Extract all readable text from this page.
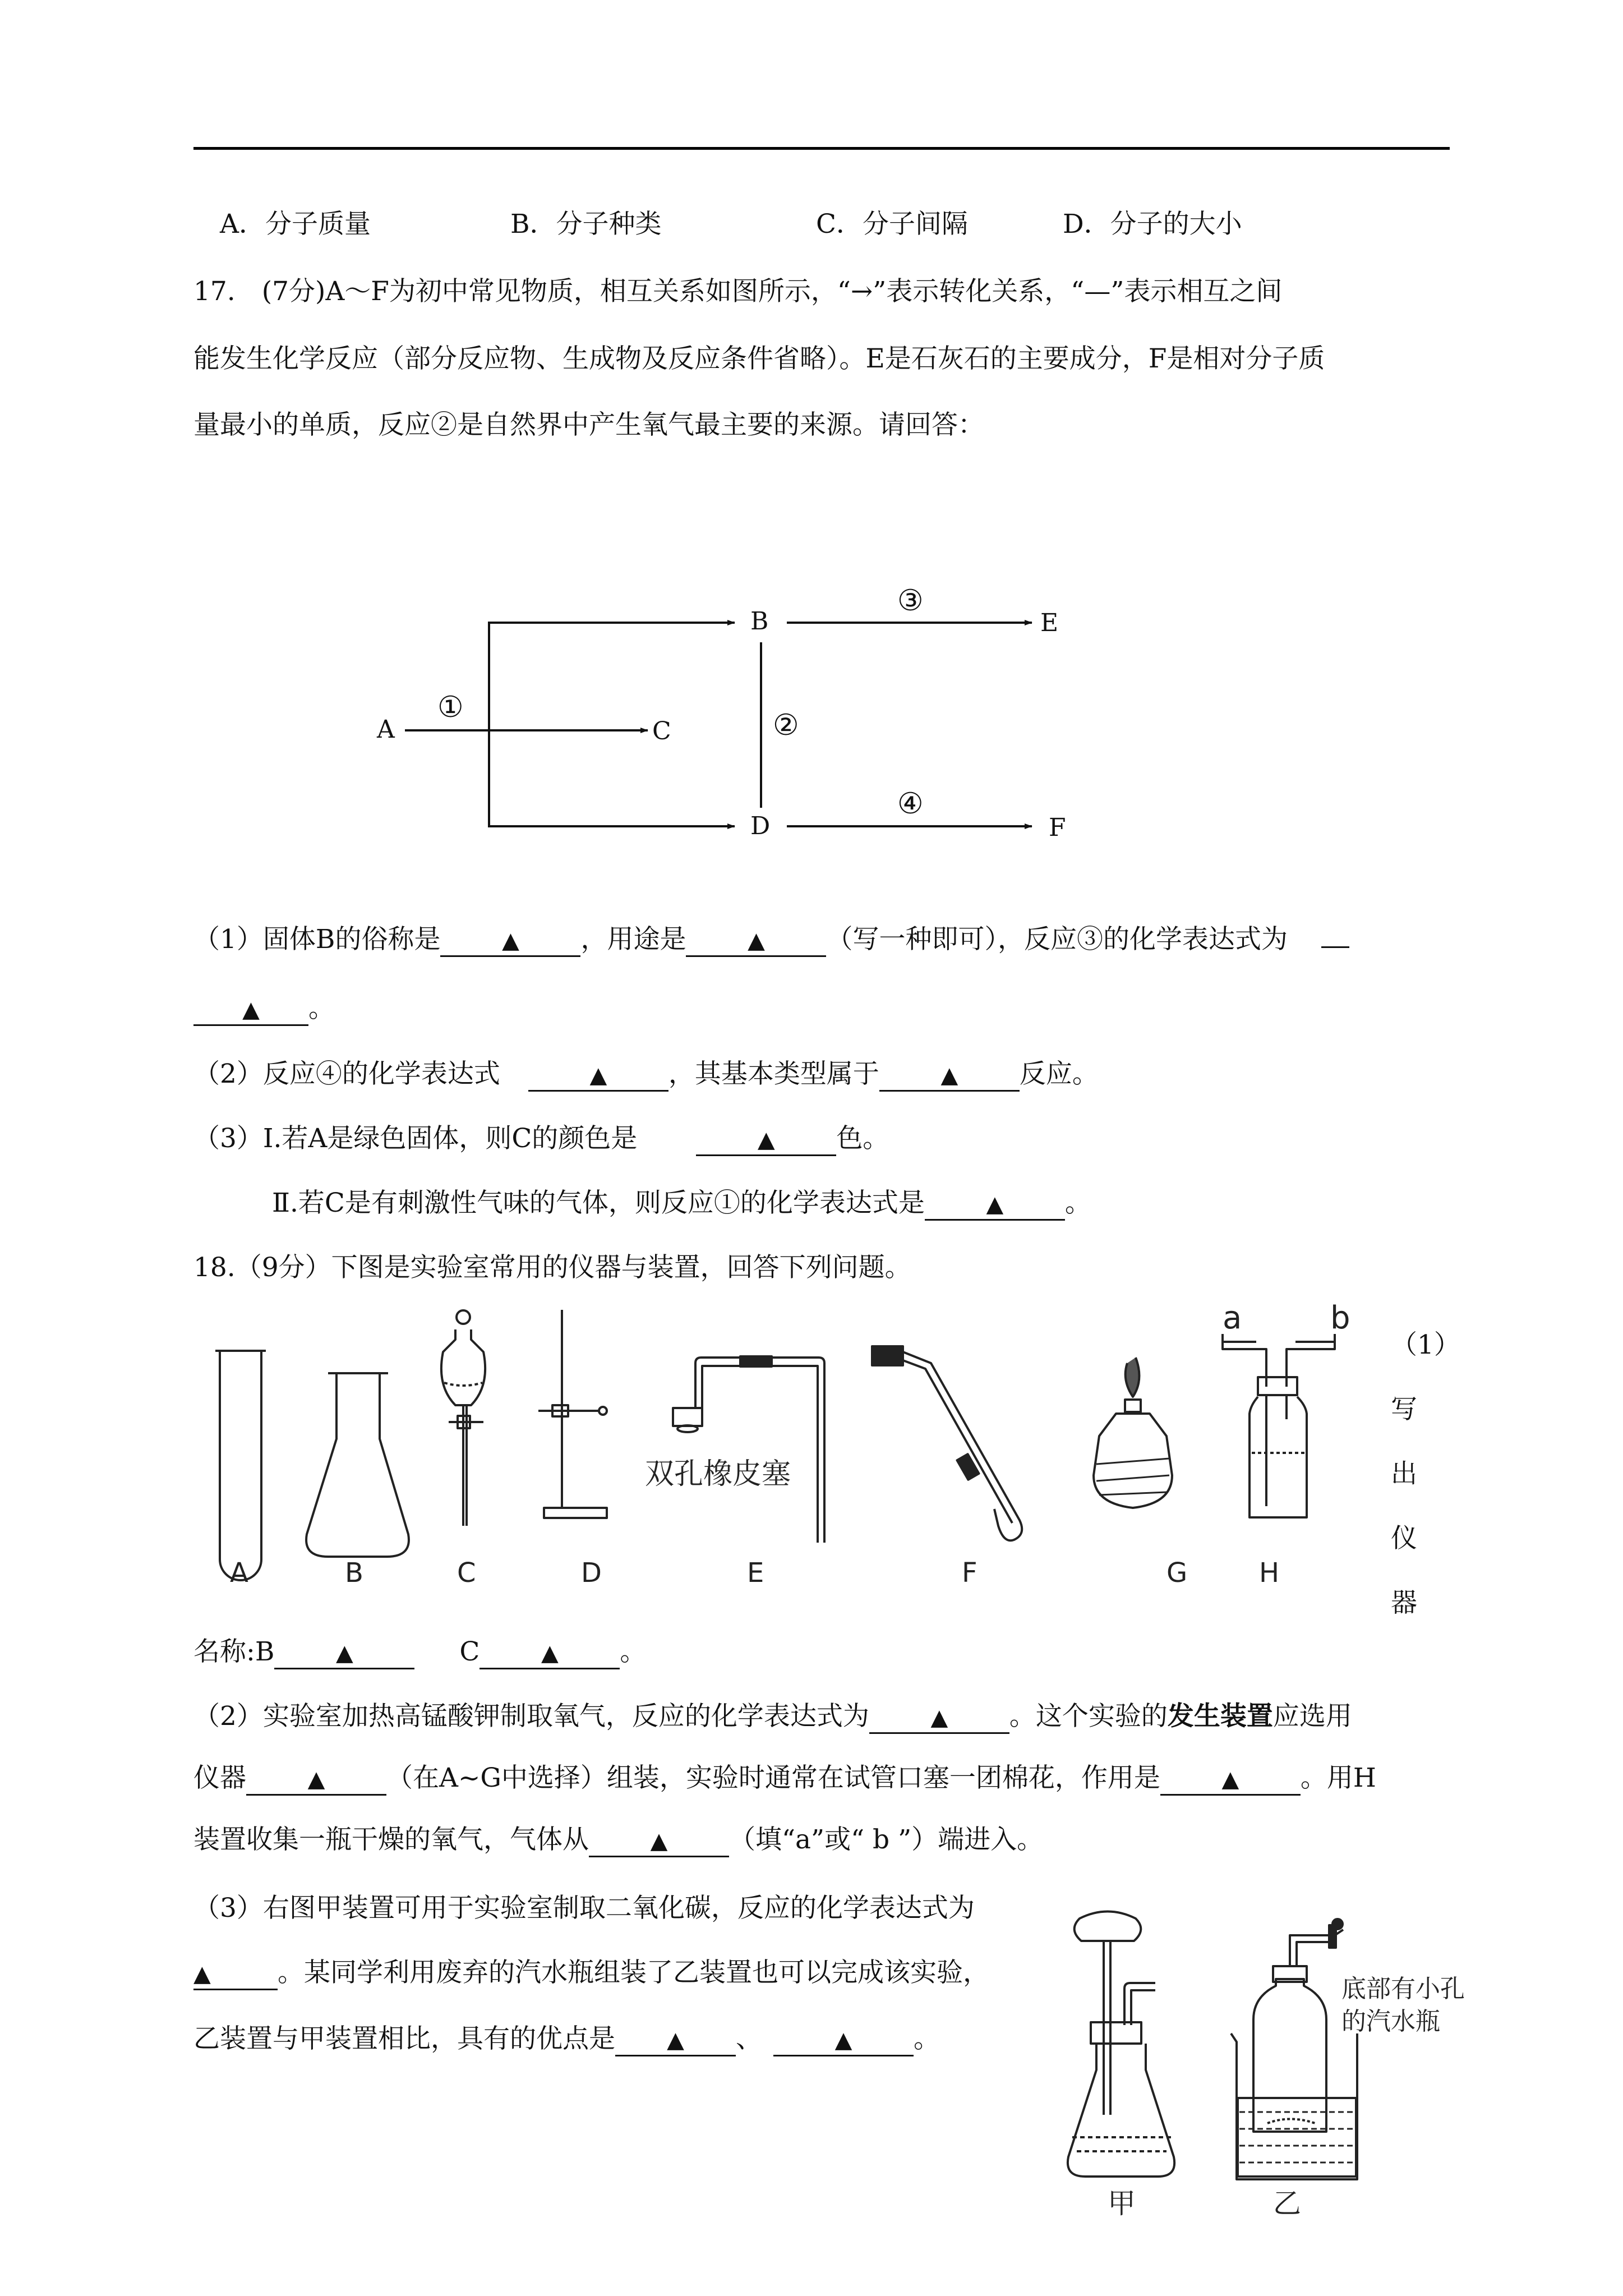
A．分子质量	B．分子种类	C．分子间隔	D．分子的大小

17.　(7分)A～F为初中常见物质，相互关系如图所示，“→”表示转化关系，“—”表示相互之间

能发生化学反应（部分反应物、生成物及反应条件省略）。E是石灰石的主要成分，F是相对分子质

量最小的单质，反应②是自然界中产生氧气最主要的来源。请回答：

A	C
B
D
E
F
①
②
③
④

（1）固体B的俗称是	▲ ，用途是	▲ （写一种即可），反应③的化学表达式为

▲ 。

（2）反应④的化学表达式	▲ ，其基本类型属于	▲ 反应。

（3）Ⅰ.若A是绿色固体，则C的颜色是	▲ 色。

Ⅱ.若C是有刺激性气味的气体，则反应①的化学表达式是	▲ 。

18.（9分）下图是实验室常用的仪器与装置，回答下列问题。

A	B	C	D	E	F	G	H
双孔橡皮塞
a	b
（1）
写
出
仪
器

名称:B	▲	C	▲ 。

（2）实验室加热高锰酸钾制取氧气，反应的化学表达式为	▲ 。这个实验的发生装置应选用

仪器	▲ （在A~G中选择）组装，实验时通常在试管口塞一团棉花，作用是	▲ 。用H

装置收集一瓶干燥的氧气，气体从	▲ （填“a”或“ b ”）端进入。

（3）右图甲装置可用于实验室制取二氧化碳，反应的化学表达式为

▲	。某同学利用废弃的汽水瓶组装了乙装置也可以完成该实验，

乙装置与甲装置相比，具有的优点是 ▲ 、	▲ 。

甲	乙
底部有小孔
的汽水瓶
